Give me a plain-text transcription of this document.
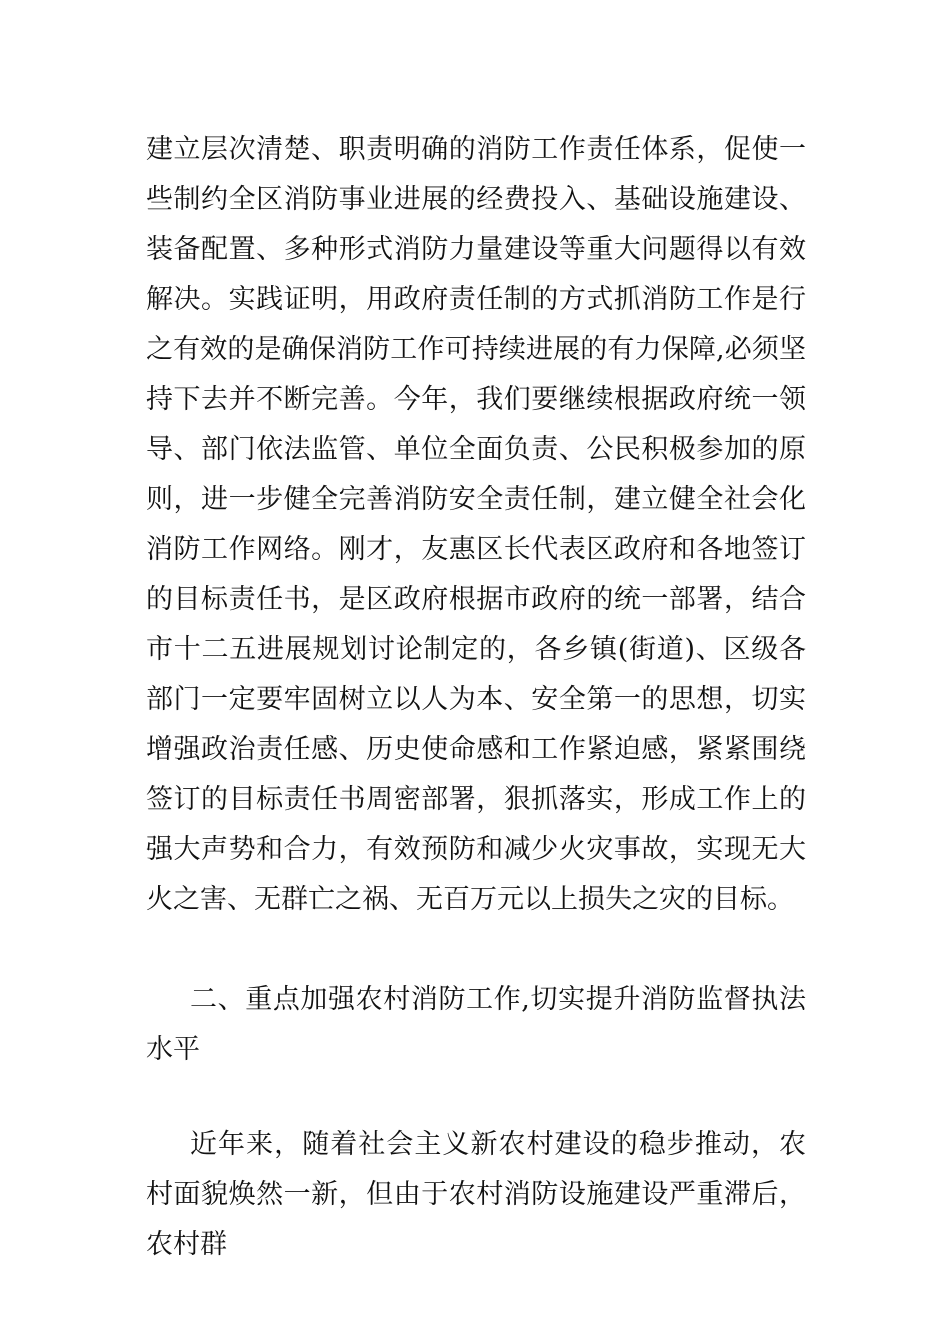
建立层次清楚、职责明确的消防工作责任体系，促使一些制约全区消防事业进展的经费投入、基础设施建设、装备配置、多种形式消防力量建设等重大问题得以有效解决。实践证明，用政府责任制的方式抓消防工作是行之有效的是确保消防工作可持续进展的有力保障,必须坚持下去并不断完善。今年，我们要继续根据政府统一领导、部门依法监管、单位全面负责、公民积极参加的原则，进一步健全完善消防安全责任制，建立健全社会化消防工作网络。刚才，友惠区长代表区政府和各地签订的目标责任书，是区政府根据市政府的统一部署，结合市十二五进展规划讨论制定的，各乡镇(街道)、区级各部门一定要牢固树立以人为本、安全第一的思想，切实增强政治责任感、历史使命感和工作紧迫感，紧紧围绕签订的目标责任书周密部署，狠抓落实，形成工作上的强大声势和合力，有效预防和减少火灾事故，实现无大火之害、无群亡之祸、无百万元以上损失之灾的目标。
二、重点加强农村消防工作,切实提升消防监督执法水平
近年来，随着社会主义新农村建设的稳步推动，农村面貌焕然一新，但由于农村消防设施建设严重滞后，农村群
